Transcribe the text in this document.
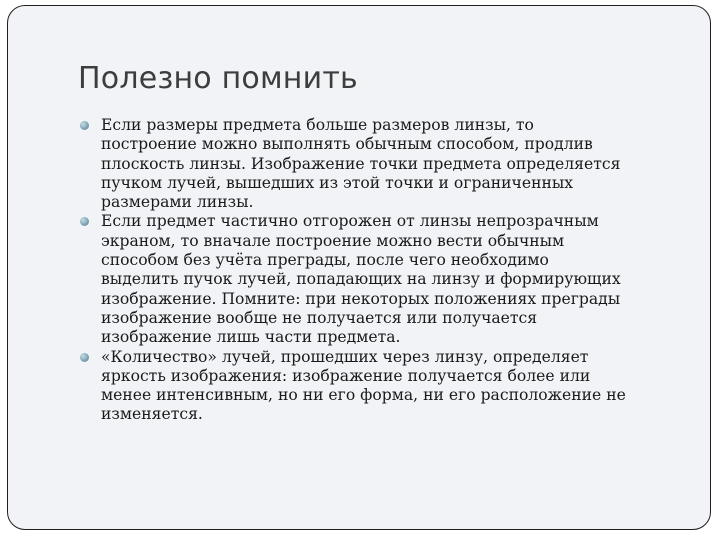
Полезно помнить
Если размеры предмета больше размеров линзы, то
построение можно выполнять обычным способом, продлив
плоскость линзы. Изображение точки предмета определяется
пучком лучей, вышедших из этой точки и ограниченных
размерами линзы.
Если предмет частично отгорожен от линзы непрозрачным
экраном, то вначале построение можно вести обычным
способом без учёта преграды, после чего необходимо
выделить пучок лучей, попадающих на линзу и формирующих
изображение. Помните: при некоторых положениях преграды
изображение вообще не получается или получается
изображение лишь части предмета.
«Количество» лучей, прошедших через линзу, определяет
яркость изображения: изображение получается более или
менее интенсивным, но ни его форма, ни его расположение не
изменяется.
